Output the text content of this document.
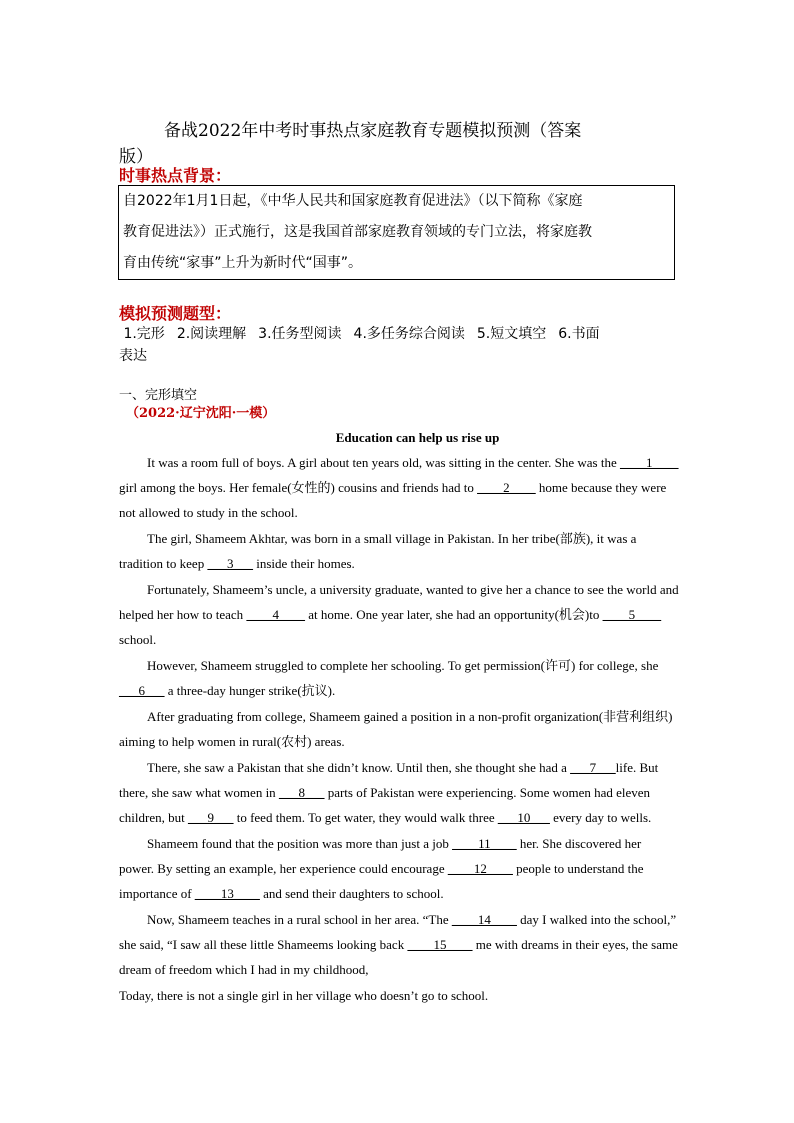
备战2022年中考时事热点家庭教育专题模拟预测（答案
版）
时事热点背景：
自2022年1月1日起，《中华人民共和国家庭教育促进法》（以下简称《家庭
教育促进法》）正式施行，这是我国首部家庭教育领域的专门立法，将家庭教
育由传统“家事”上升为新时代“国事”。
模拟预测题型：
1.完形 2.阅读理解 3.任务型阅读 4.多任务综合阅读 5.短文填空 6.书面
表达
一、完形填空
（2022·辽宁沈阳·一模）
Education can help us rise up

It was a room full of boys. A girl about ten years old, was sitting in the center. She was the ____1____ girl among the boys. Her female(女性的) cousins and friends had to ____2____ home because they were not allowed to study in the school.

The girl, Shameem Akhtar, was born in a small village in Pakistan. In her tribe(部族), it was a tradition to keep ___3___ inside their homes.

Fortunately, Shameem’s uncle, a university graduate, wanted to give her a chance to see the world and helped her how to teach ____4____ at home. One year later, she had an opportunity(机会)to ____5____ school.

However, Shameem struggled to complete her schooling. To get permission(许可) for college, she ___6___ a three-day hunger strike(抗议).

After graduating from college, Shameem gained a position in a non-profit organization(非营利组织) aiming to help women in rural(农村) areas.

There, she saw a Pakistan that she didn’t know. Until then, she thought she had a ___7___life. But there, she saw what women in ___8___ parts of Pakistan were experiencing. Some women had eleven children, but ___9___ to feed them. To get water, they would walk three ___10___ every day to wells.

Shameem found that the position was more than just a job ____11____ her. She discovered her power. By setting an example, her experience could encourage ____12____ people to understand the importance of ____13____ and send their daughters to school.

Now, Shameem teaches in a rural school in her area. “The ____14____ day I walked into the school,” she said, “I saw all these little Shameems looking back ____15____ me with dreams in their eyes, the same dream of freedom which I had in my childhood,

Today, there is not a single girl in her village who doesn’t go to school.
